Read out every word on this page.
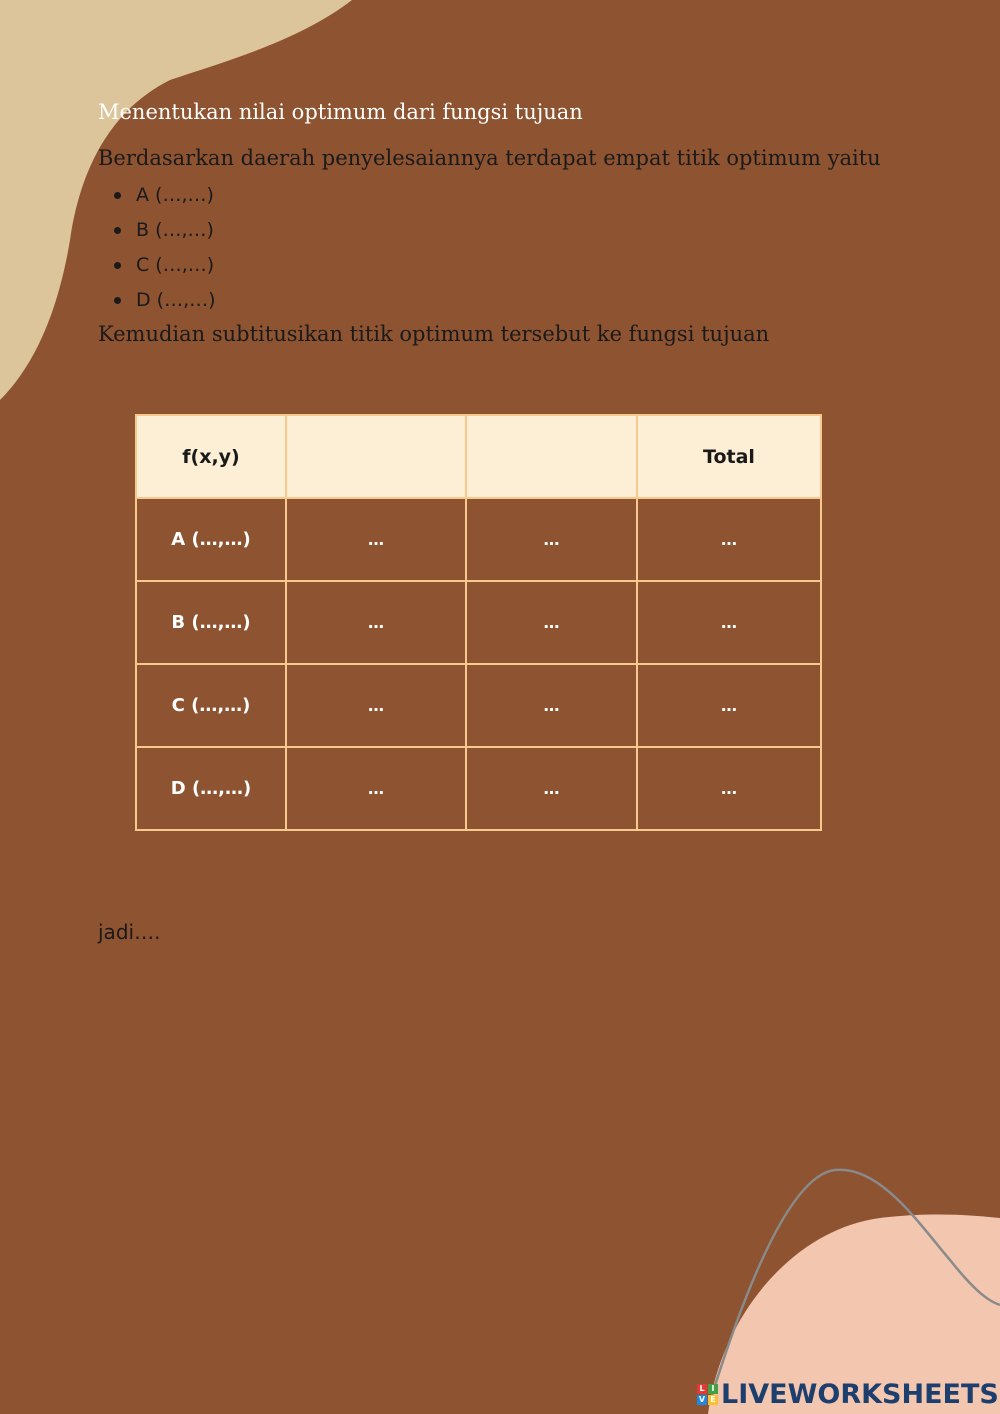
Menentukan nilai optimum dari fungsi tujuan

Berdasarkan daerah penyelesaiannya terdapat empat titik optimum yaitu

A (…,…)
B (…,…)
C (…,…)
D (…,…)

Kemudian subtitusikan titik optimum tersebut ke fungsi tujuan

f(x,y)			Total
A (…,…)	…	…	…
B (…,…)	…	…	…
C (…,…)	…	…	…
D (…,…)	…	…	…

jadi….

L I
V E LIVEWORKSHEETS
